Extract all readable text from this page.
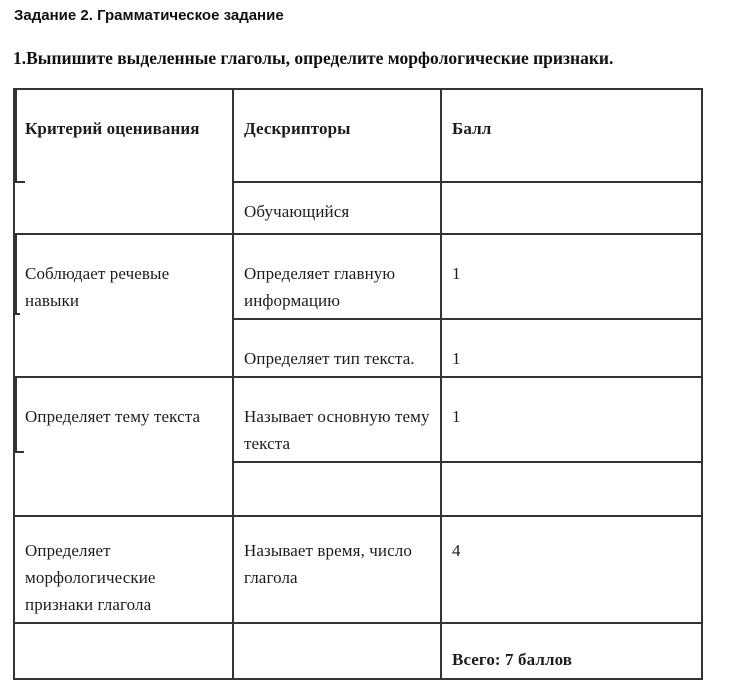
Задание 2. Грамматическое задание
1.Выпишите выделенные глаголы, определите морфологические признаки.
Критерий оценивания	Дескрипторы	Балл
	Обучающийся	
Соблюдает речевые навыки	Определяет главную информацию	1
	Определяет тип текста.	1
Определяет тему текста	Называет основную тему текста	1

Определяет морфологические признаки глагола	Называет время, число глагола	4
		Всего: 7 баллов
